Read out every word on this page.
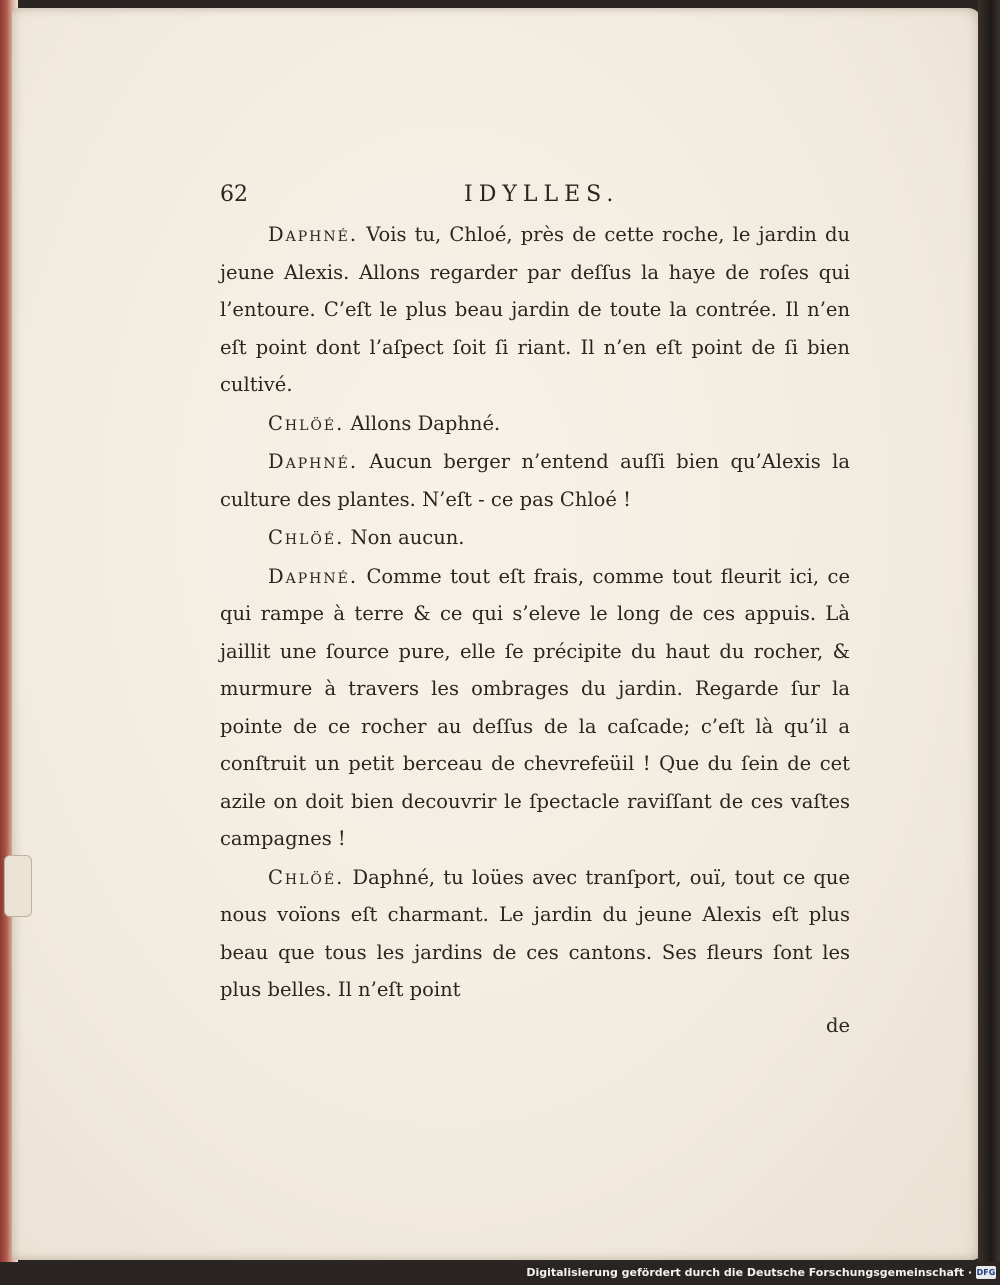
62	IDYLLES.

Daphné. Vois tu, Chloé, près de cette roche, le jardin du jeune Alexis. Allons regarder par deſſus la haye de roſes qui l’entoure. C’eſt le plus beau jardin de toute la contrée. Il n’en eſt point dont l’aſpect ſoit ſi riant. Il n’en eſt point de ſi bien cultivé.

Chlöé. Allons Daphné.

Daphné. Aucun berger n’entend auſſi bien qu’Alexis la culture des plantes. N’eſt - ce pas Chloé !

Chlöé. Non aucun.

Daphné. Comme tout eſt frais, comme tout fleurit ici, ce qui rampe à terre & ce qui s’eleve le long de ces appuis. Là jaillit une ſource pure, elle ſe précipite du haut du rocher, & murmure à travers les ombrages du jardin. Regarde ſur la pointe de ce rocher au deſſus de la caſcade; c’eſt là qu’il a conſtruit un petit berceau de chevrefeüil ! Que du ſein de cet azile on doit bien decouvrir le ſpectacle raviſſant de ces vaſtes campagnes !

Chlöé. Daphné, tu loües avec tranſport, ouï, tout ce que nous voïons eſt charmant. Le jardin du jeune Alexis eſt plus beau que tous les jardins de ces cantons. Ses fleurs ſont les plus belles. Il n’eſt point

de

Digitalisierung gefördert durch die Deutsche Forschungsgemeinschaft · DFG
